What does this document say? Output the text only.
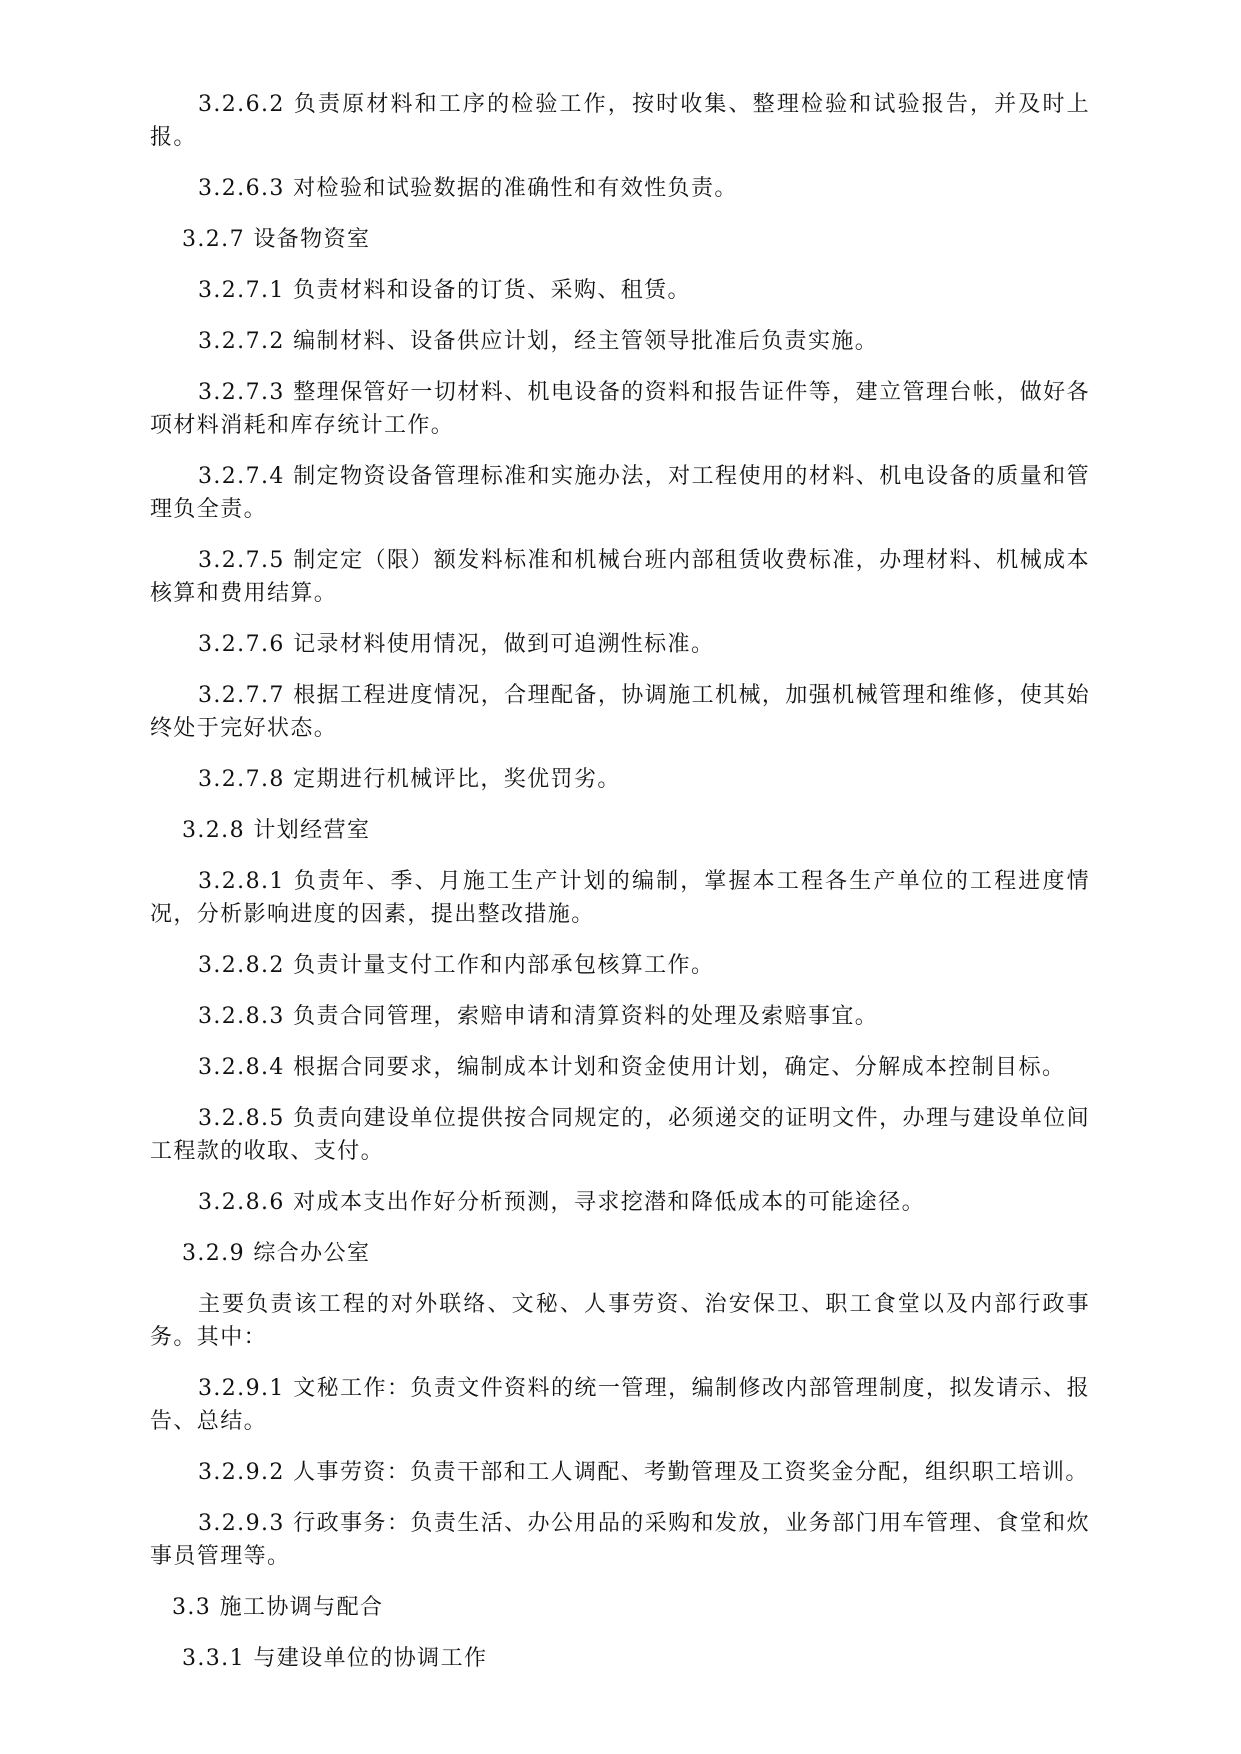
3.2.6.2 负责原材料和工序的检验工作，按时收集、整理检验和试验报告，并及时上报。

3.2.6.3 对检验和试验数据的准确性和有效性负责。

3.2.7 设备物资室

3.2.7.1 负责材料和设备的订货、采购、租赁。

3.2.7.2 编制材料、设备供应计划，经主管领导批准后负责实施。

3.2.7.3 整理保管好一切材料、机电设备的资料和报告证件等，建立管理台帐，做好各项材料消耗和库存统计工作。

3.2.7.4 制定物资设备管理标准和实施办法，对工程使用的材料、机电设备的质量和管理负全责。

3.2.7.5 制定定（限）额发料标准和机械台班内部租赁收费标准，办理材料、机械成本核算和费用结算。

3.2.7.6 记录材料使用情况，做到可追溯性标准。

3.2.7.7 根据工程进度情况，合理配备，协调施工机械，加强机械管理和维修，使其始终处于完好状态。

3.2.7.8 定期进行机械评比，奖优罚劣。

3.2.8 计划经营室

3.2.8.1 负责年、季、月施工生产计划的编制，掌握本工程各生产单位的工程进度情况，分析影响进度的因素，提出整改措施。

3.2.8.2 负责计量支付工作和内部承包核算工作。

3.2.8.3 负责合同管理，索赔申请和清算资料的处理及索赔事宜。

3.2.8.4 根据合同要求，编制成本计划和资金使用计划，确定、分解成本控制目标。

3.2.8.5 负责向建设单位提供按合同规定的，必须递交的证明文件，办理与建设单位间工程款的收取、支付。

3.2.8.6 对成本支出作好分析预测，寻求挖潜和降低成本的可能途径。

3.2.9 综合办公室

主要负责该工程的对外联络、文秘、人事劳资、治安保卫、职工食堂以及内部行政事务。其中：

3.2.9.1 文秘工作：负责文件资料的统一管理，编制修改内部管理制度，拟发请示、报告、总结。

3.2.9.2 人事劳资：负责干部和工人调配、考勤管理及工资奖金分配，组织职工培训。

3.2.9.3 行政事务：负责生活、办公用品的采购和发放，业务部门用车管理、食堂和炊事员管理等。

3.3 施工协调与配合

3.3.1 与建设单位的协调工作
